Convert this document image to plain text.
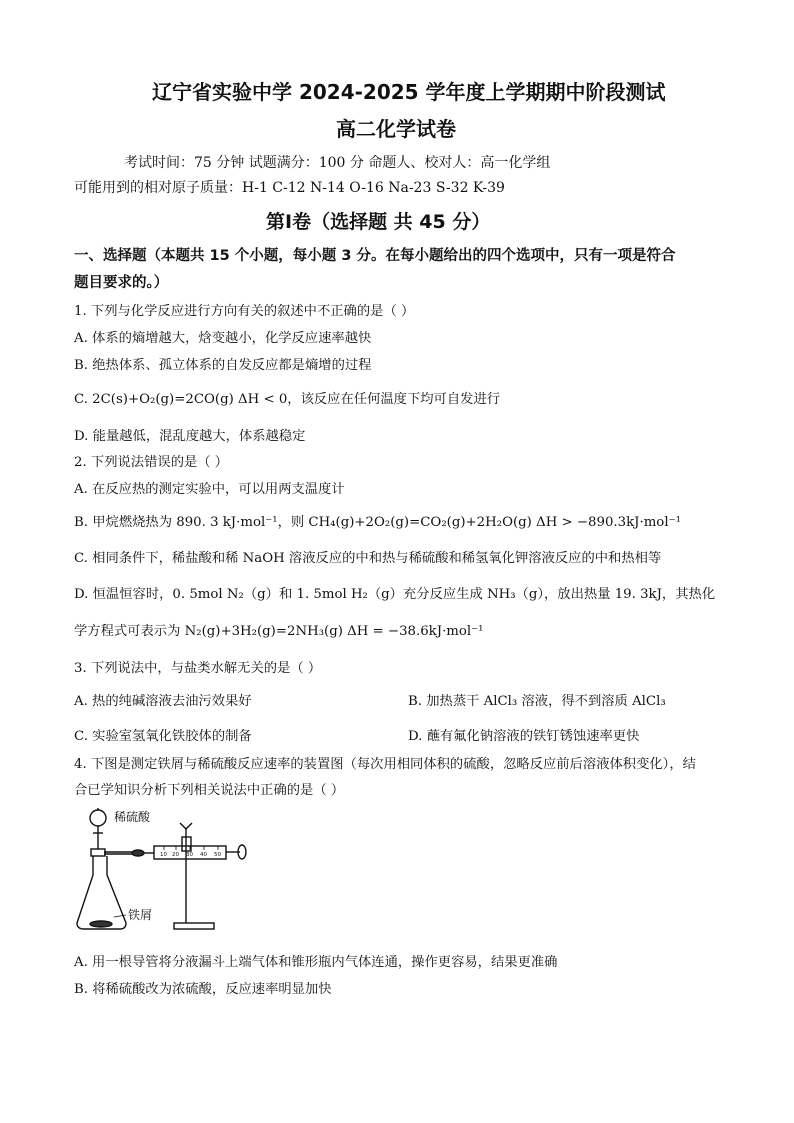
辽宁省实验中学 2024-2025 学年度上学期期中阶段测试
高二化学试卷
考试时间：75 分钟 试题满分：100 分 命题人、校对人：高一化学组
可能用到的相对原子质量：H-1 C-12 N-14 O-16 Na-23 S-32 K-39
第Ⅰ卷（选择题 共 45 分）
一、选择题（本题共 15 个小题，每小题 3 分。在每小题给出的四个选项中，只有一项是符合
题目要求的。）
1. 下列与化学反应进行方向有关的叙述中不正确的是（ ）
A. 体系的熵增越大，焓变越小，化学反应速率越快
B. 绝热体系、孤立体系的自发反应都是熵增的过程
C. 2C(s)+O₂(g)=2CO(g) ΔH < 0，该反应在任何温度下均可自发进行
D. 能量越低，混乱度越大，体系越稳定
2. 下列说法错误的是（ ）
A. 在反应热的测定实验中，可以用两支温度计
B. 甲烷燃烧热为 890. 3 kJ·mol⁻¹，则 CH₄(g)+2O₂(g)=CO₂(g)+2H₂O(g) ΔH > −890.3kJ·mol⁻¹
C. 相同条件下，稀盐酸和稀 NaOH 溶液反应的中和热与稀硫酸和稀氢氧化钾溶液反应的中和热相等
D. 恒温恒容时，0. 5mol N₂（g）和 1. 5mol H₂（g）充分反应生成 NH₃（g），放出热量 19. 3kJ，其热化
学方程式可表示为 N₂(g)+3H₂(g)=2NH₃(g) ΔH = −38.6kJ·mol⁻¹
3. 下列说法中，与盐类水解无关的是（ ）
A. 热的纯碱溶液去油污效果好	B. 加热蒸干 AlCl₃ 溶液，得不到溶质 AlCl₃
C. 实验室氢氧化铁胶体的制备	D. 蘸有氟化钠溶液的铁钉锈蚀速率更快
4. 下图是测定铁屑与稀硫酸反应速率的装置图（每次用相同体积的硫酸，忽略反应前后溶液体积变化），结
合已学知识分析下列相关说法中正确的是（ ）
10 20 30 40 50
稀硫酸
铁屑
A. 用一根导管将分液漏斗上端气体和锥形瓶内气体连通，操作更容易，结果更准确
B. 将稀硫酸改为浓硫酸，反应速率明显加快
